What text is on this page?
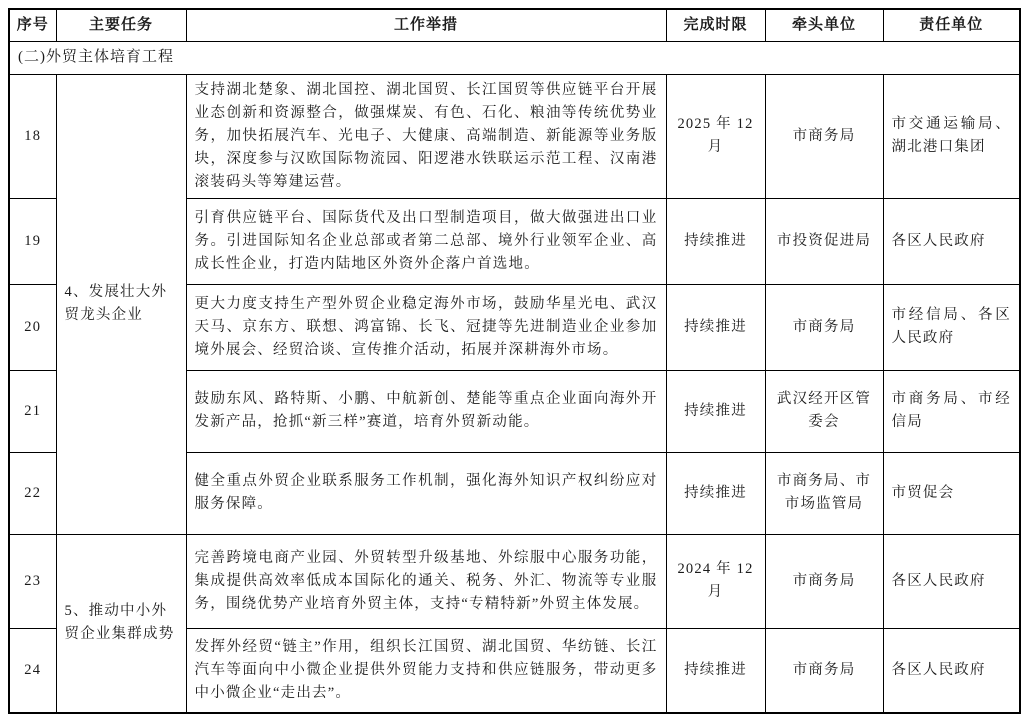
序号	主要任务	工作举措	完成时限	牵头单位	责任单位
(二)外贸主体培育工程					
18	4、发展壮大外贸龙头企业	支持湖北楚象、湖北国控、湖北国贸、长江国贸等供应链平台开展业态创新和资源整合，做强煤炭、有色、石化、粮油等传统优势业务，加快拓展汽车、光电子、大健康、高端制造、新能源等业务版块，深度参与汉欧国际物流园、阳逻港水铁联运示范工程、汉南港滚装码头等筹建运营。	2025 年 12 月	市商务局	市交通运输局、湖北港口集团
19		引育供应链平台、国际货代及出口型制造项目，做大做强进出口业务。引进国际知名企业总部或者第二总部、境外行业领军企业、高成长性企业，打造内陆地区外资外企落户首选地。	持续推进	市投资促进局	各区人民政府
20		更大力度支持生产型外贸企业稳定海外市场，鼓励华星光电、武汉天马、京东方、联想、鸿富锦、长飞、冠捷等先进制造业企业参加境外展会、经贸洽谈、宣传推介活动，拓展并深耕海外市场。	持续推进	市商务局	市经信局、各区人民政府
21		鼓励东风、路特斯、小鹏、中航新创、楚能等重点企业面向海外开发新产品，抢抓“新三样”赛道，培育外贸新动能。	持续推进	武汉经开区管委会	市商务局、市经信局
22		健全重点外贸企业联系服务工作机制，强化海外知识产权纠纷应对服务保障。	持续推进	市商务局、市市场监管局	市贸促会
23	5、推动中小外贸企业集群成势	完善跨境电商产业园、外贸转型升级基地、外综服中心服务功能，集成提供高效率低成本国际化的通关、税务、外汇、物流等专业服务，围绕优势产业培育外贸主体，支持“专精特新”外贸主体发展。	2024 年 12 月	市商务局	各区人民政府
24		发挥外经贸“链主”作用，组织长江国贸、湖北国贸、华纺链、长江汽车等面向中小微企业提供外贸能力支持和供应链服务，带动更多中小微企业“走出去”。	持续推进	市商务局	各区人民政府
